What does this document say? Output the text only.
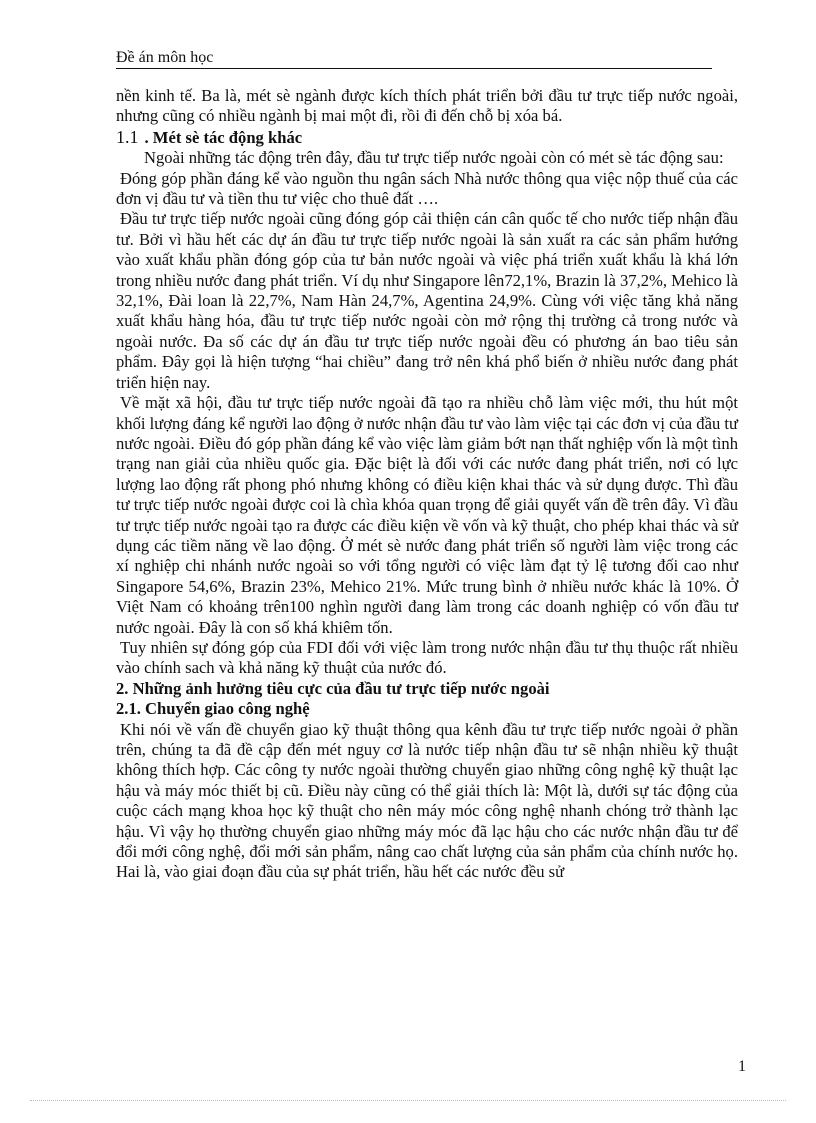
Đề án môn học

nền kinh tế. Ba là, mét sè ngành được kích thích phát triển bởi đầu tư trực tiếp nước ngoài, nhưng cũng có nhiều ngành bị mai một đi, rồi đi đến chỗ bị xóa bá.

1.1 . Mét sè tác động khác

Ngoài những tác động trên đây, đầu tư trực tiếp nước ngoài còn có mét sè tác động sau:

Đóng góp phần đáng kể vào nguồn thu ngân sách Nhà nước thông qua việc nộp thuế của các đơn vị đầu tư và tiền thu tư việc cho thuê đất ….

Đầu tư trực tiếp nước ngoài cũng đóng góp cải thiện cán cân quốc tế cho nước tiếp nhận đầu tư. Bởi vì hầu hết các dự án đầu tư trực tiếp nước ngoài là sản xuất ra các sản phẩm hướng vào xuất khẩu phần đóng góp của tư bản nước ngoài và việc phá triển xuất khẩu là khá lớn trong nhiều nước đang phát triển. Ví dụ như Singapore lên72,1%, Brazin là 37,2%, Mehico là 32,1%, Đài loan là 22,7%, Nam Hàn 24,7%, Agentina 24,9%. Cùng với việc tăng khả năng xuất khẩu hàng hóa, đầu tư trực tiếp nước ngoài còn mở rộng thị trường cả trong nước và ngoài nước. Đa số các dự án đầu tư trực tiếp nước ngoài đều có phương án bao tiêu sản phẩm. Đây gọi là hiện tượng “hai chiều” đang trở nên khá phổ biến ở nhiều nước đang phát triển hiện nay.

Về mặt xã hội, đầu tư trực tiếp nước ngoài đã tạo ra nhiều chỗ làm việc mới, thu hút một khối lượng đáng kể người lao động ở nước nhận đầu tư vào làm việc tại các đơn vị của đầu tư nước ngoài. Điều đó góp phần đáng kể vào việc làm giảm bớt nạn thất nghiệp vốn là một tình trạng nan giải của nhiều quốc gia. Đặc biệt là đối với các nước đang phát triển, nơi có lực lượng lao động rất phong phó nhưng không có điều kiện khai thác và sử dụng được. Thì đầu tư trực tiếp nước ngoài được coi là chìa khóa quan trọng để giải quyết vấn đề trên đây. Vì đầu tư trực tiếp nước ngoài tạo ra được các điều kiện về vốn và kỹ thuật, cho phép khai thác và sử dụng các tiềm năng về lao động. Ở mét sè nước đang phát triển số người làm việc trong các xí nghiệp chi nhánh nước ngoài so với tổng người có việc làm đạt tỷ lệ tương đối cao như Singapore 54,6%, Brazin 23%, Mehico 21%. Mức trung bình ở nhiều nước khác là 10%. Ở Việt Nam có khoảng trên100 nghìn người đang làm trong các doanh nghiệp có vốn đầu tư nước ngoài. Đây là con số khá khiêm tốn.

Tuy nhiên sự đóng góp của FDI đối với việc làm trong nước nhận đầu tư thụ thuộc rất nhiều vào chính sach và khả năng kỹ thuật của nước đó.

2. Những ảnh hưởng tiêu cực của đầu tư trực tiếp nước ngoài

2.1. Chuyển giao công nghệ

Khi nói về vấn đề chuyển giao kỹ thuật thông qua kênh đầu tư trực tiếp nước ngoài ở phần trên, chúng ta đã đề cập đến mét nguy cơ là nước tiếp nhận đầu tư sẽ nhận nhiều kỹ thuật không thích hợp. Các công ty nước ngoài thường chuyển giao những công nghệ kỹ thuật lạc hậu và máy móc thiết bị cũ. Điều này cũng có thể giải thích là: Một là, dưới sự tác động của cuộc cách mạng khoa học kỹ thuật cho nên máy móc công nghệ nhanh chóng trở thành lạc hậu. Vì vậy họ thường chuyển giao những máy móc đã lạc hậu cho các nước nhận đầu tư để đổi mới công nghệ, đổi mới sản phẩm, nâng cao chất lượng của sản phẩm của chính nước họ. Hai là, vào giai đoạn đầu của sự phát triển, hầu hết các nước đều sử

1
